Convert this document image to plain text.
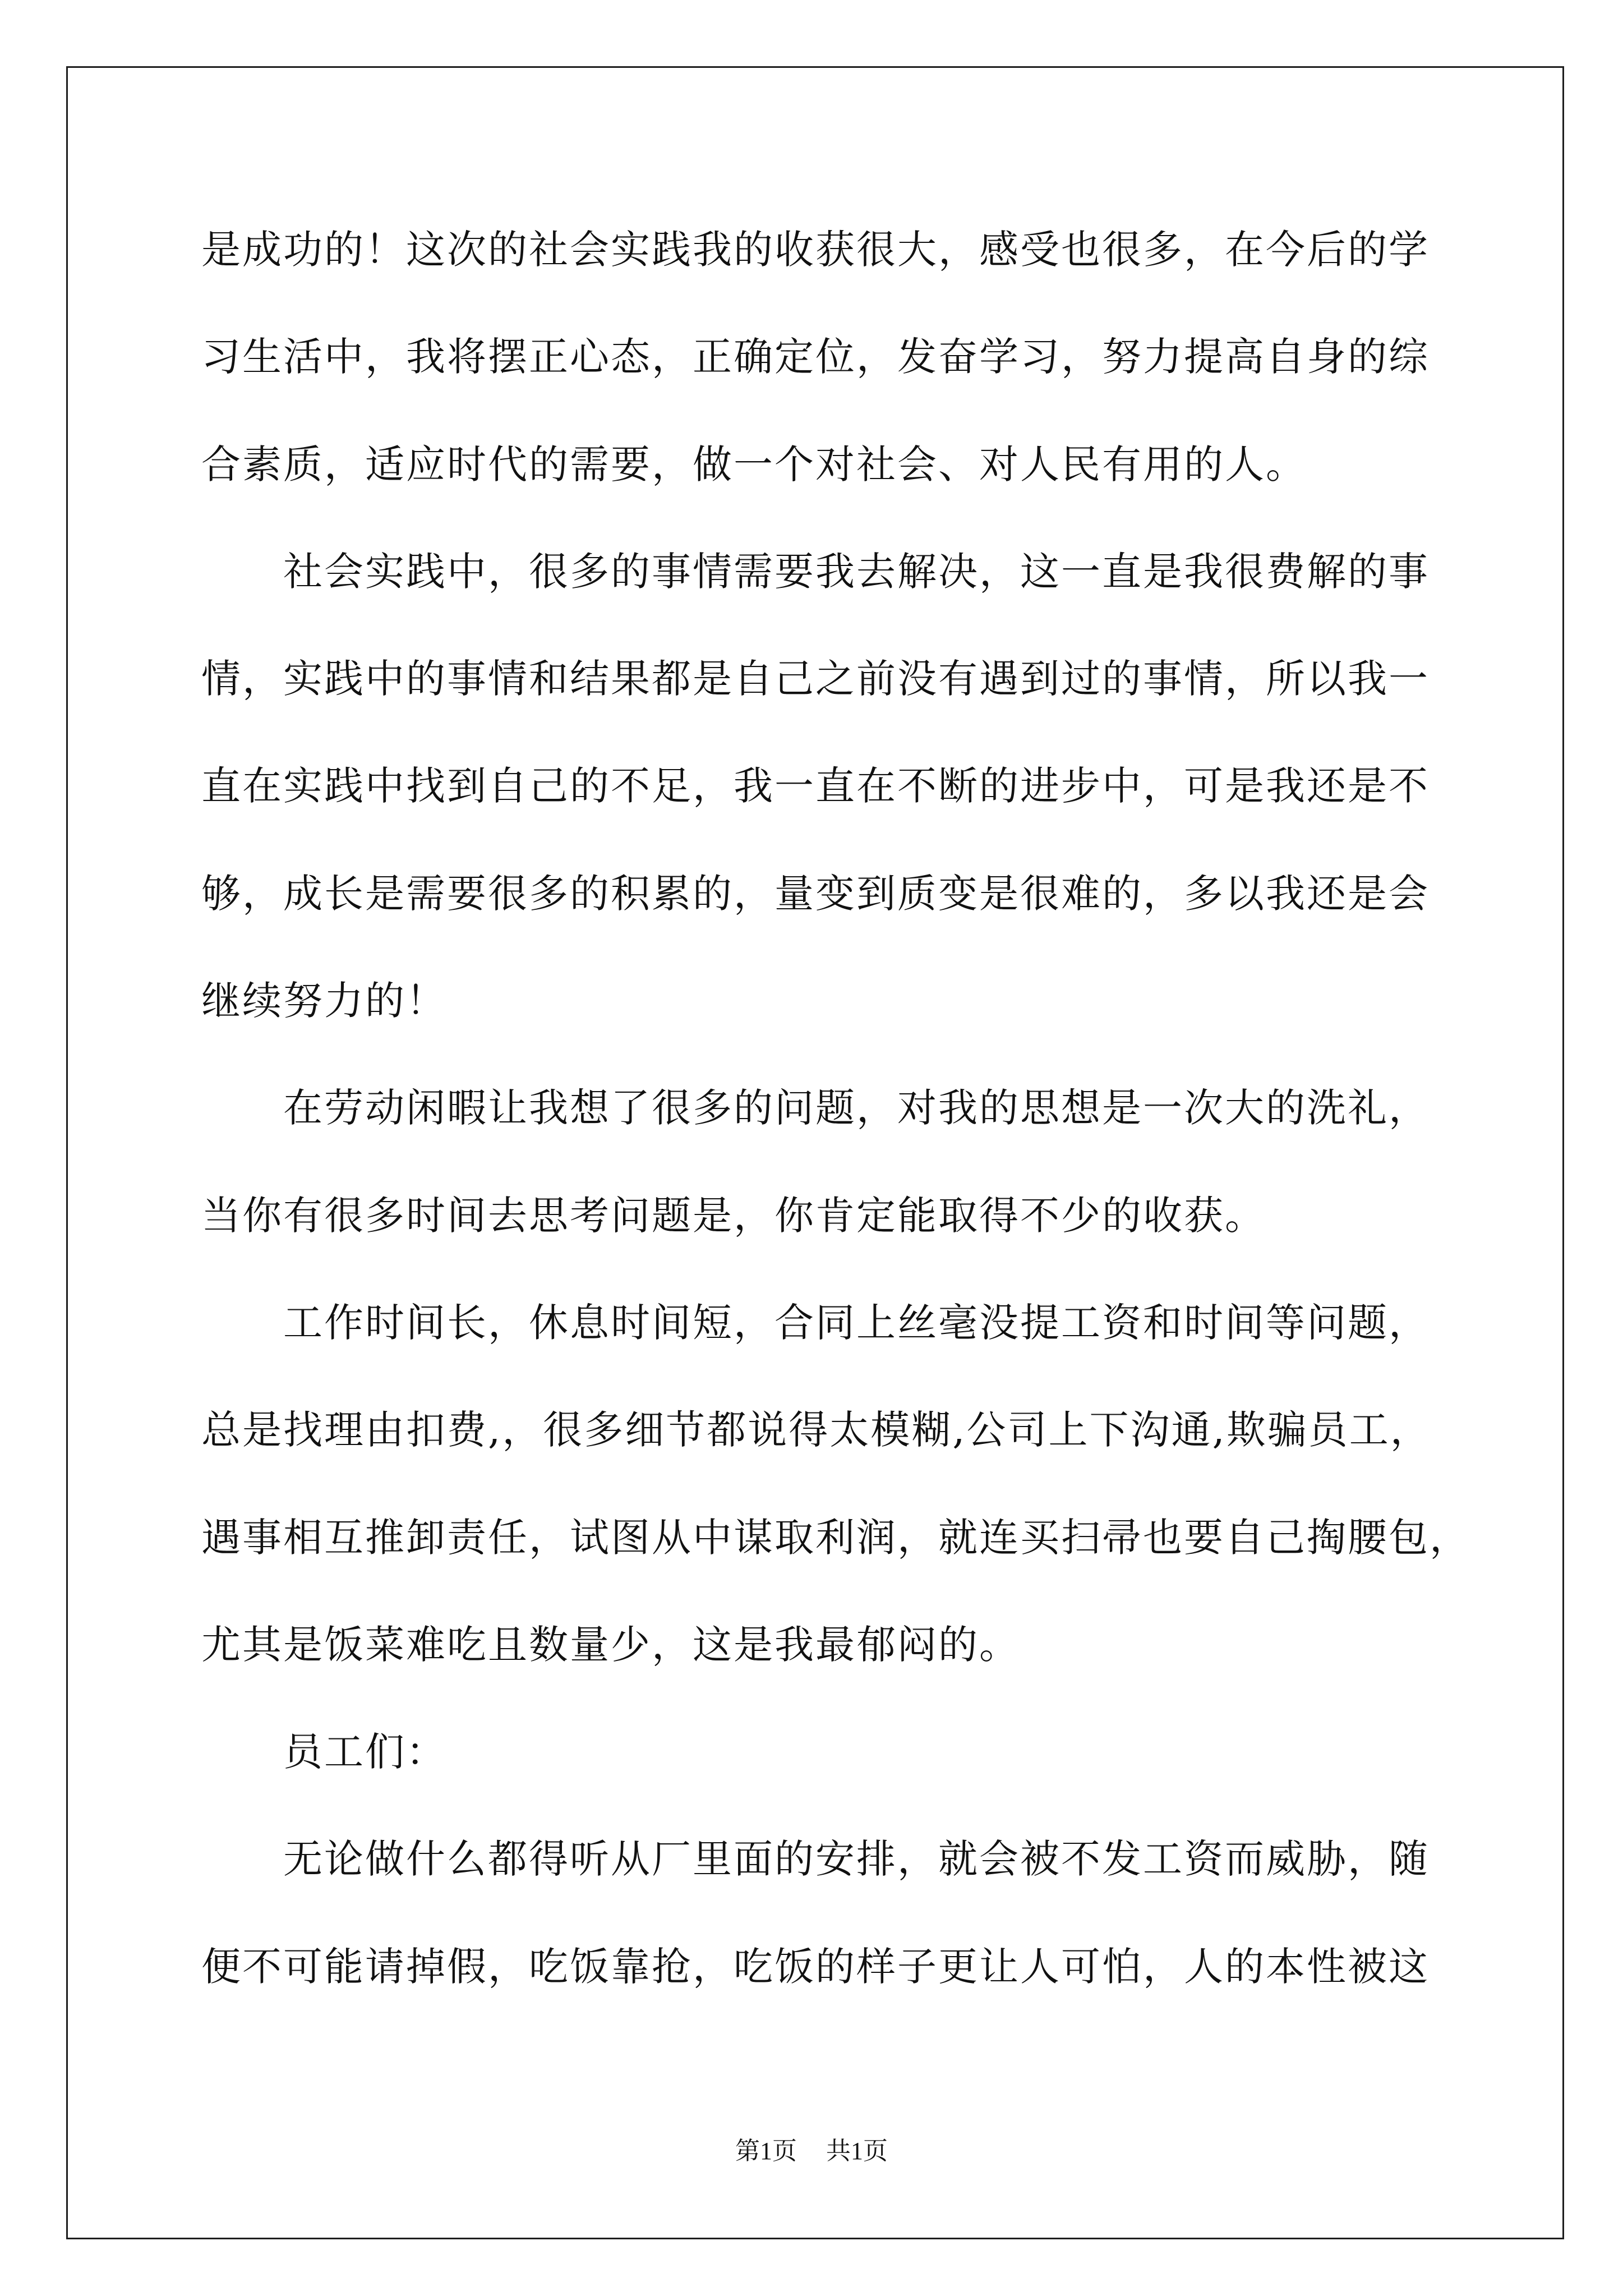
是成功的！这次的社会实践我的收获很大，感受也很多，在今后的学
习生活中，我将摆正心态，正确定位，发奋学习，努力提高自身的综
合素质，适应时代的需要，做一个对社会、对人民有用的人。
社会实践中，很多的事情需要我去解决，这一直是我很费解的事
情，实践中的事情和结果都是自己之前没有遇到过的事情，所以我一
直在实践中找到自己的不足，我一直在不断的进步中，可是我还是不
够，成长是需要很多的积累的，量变到质变是很难的，多以我还是会
继续努力的！
在劳动闲暇让我想了很多的问题，对我的思想是一次大的洗礼，
当你有很多时间去思考问题是，你肯定能取得不少的收获。
工作时间长，休息时间短，合同上丝毫没提工资和时间等问题，
总是找理由扣费,，很多细节都说得太模糊,公司上下沟通,欺骗员工，
遇事相互推卸责任，试图从中谋取利润，就连买扫帚也要自己掏腰包，
尤其是饭菜难吃且数量少，这是我最郁闷的。
员工们：
无论做什么都得听从厂里面的安排，就会被不发工资而威胁，随
便不可能请掉假，吃饭靠抢，吃饭的样子更让人可怕，人的本性被这
第1页 共1页
